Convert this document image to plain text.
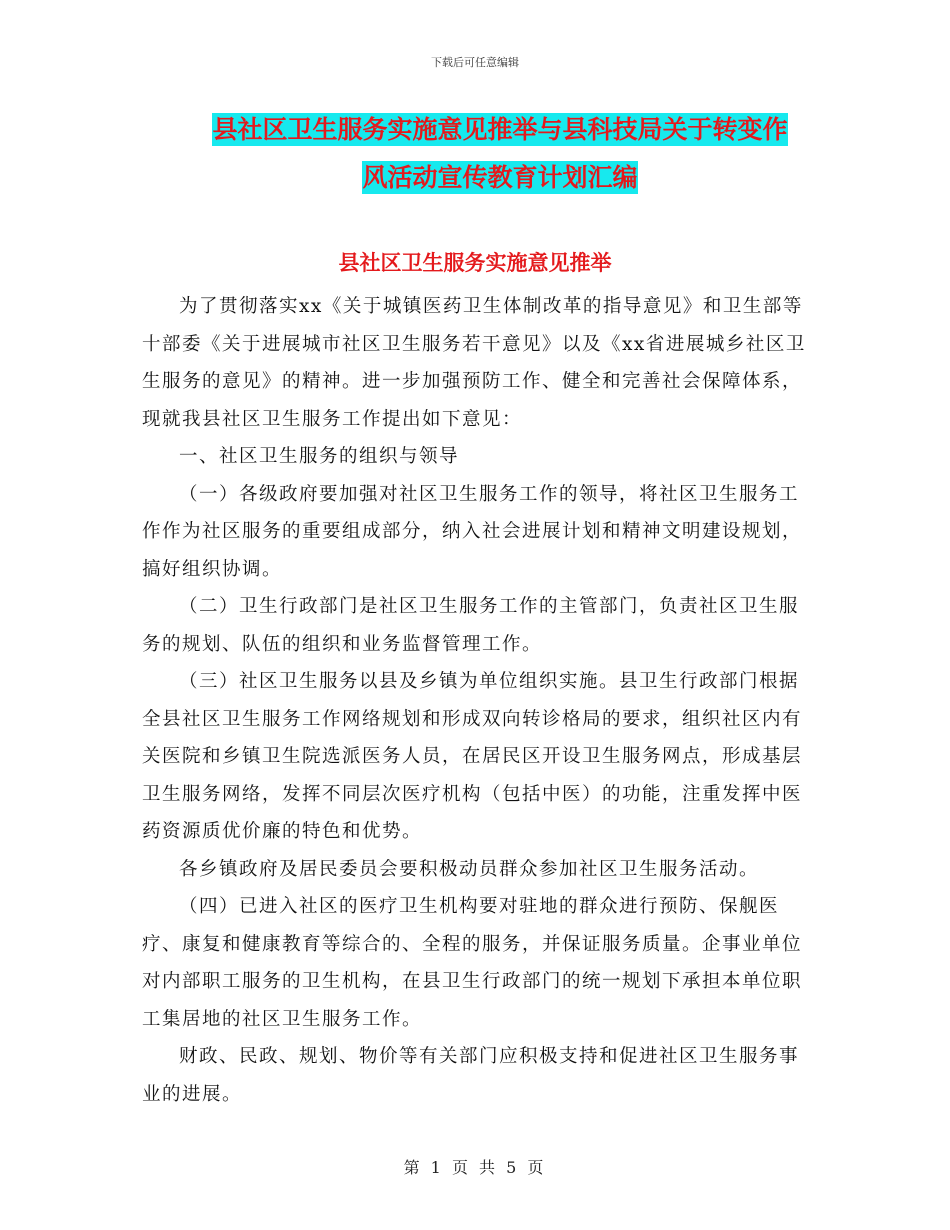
下载后可任意编辑
县社区卫生服务实施意见推举与县科技局关于转变作
风活动宣传教育计划汇编
县社区卫生服务实施意见推举

为了贯彻落实xx《关于城镇医药卫生体制改革的指导意见》和卫生部等十部委《关于进展城市社区卫生服务若干意见》以及《xx省进展城乡社区卫生服务的意见》的精神。进一步加强预防工作、健全和完善社会保障体系，现就我县社区卫生服务工作提出如下意见：

一、社区卫生服务的组织与领导

（一）各级政府要加强对社区卫生服务工作的领导，将社区卫生服务工作作为社区服务的重要组成部分，纳入社会进展计划和精神文明建设规划，搞好组织协调。

（二）卫生行政部门是社区卫生服务工作的主管部门，负责社区卫生服务的规划、队伍的组织和业务监督管理工作。

（三）社区卫生服务以县及乡镇为单位组织实施。县卫生行政部门根据全县社区卫生服务工作网络规划和形成双向转诊格局的要求，组织社区内有关医院和乡镇卫生院选派医务人员，在居民区开设卫生服务网点，形成基层卫生服务网络，发挥不同层次医疗机构（包括中医）的功能，注重发挥中医药资源质优价廉的特色和优势。

各乡镇政府及居民委员会要积极动员群众参加社区卫生服务活动。

（四）已进入社区的医疗卫生机构要对驻地的群众进行预防、保舰医疗、康复和健康教育等综合的、全程的服务，并保证服务质量。企事业单位对内部职工服务的卫生机构，在县卫生行政部门的统一规划下承担本单位职工集居地的社区卫生服务工作。

财政、民政、规划、物价等有关部门应积极支持和促进社区卫生服务事业的进展。

第 1 页 共 5 页
